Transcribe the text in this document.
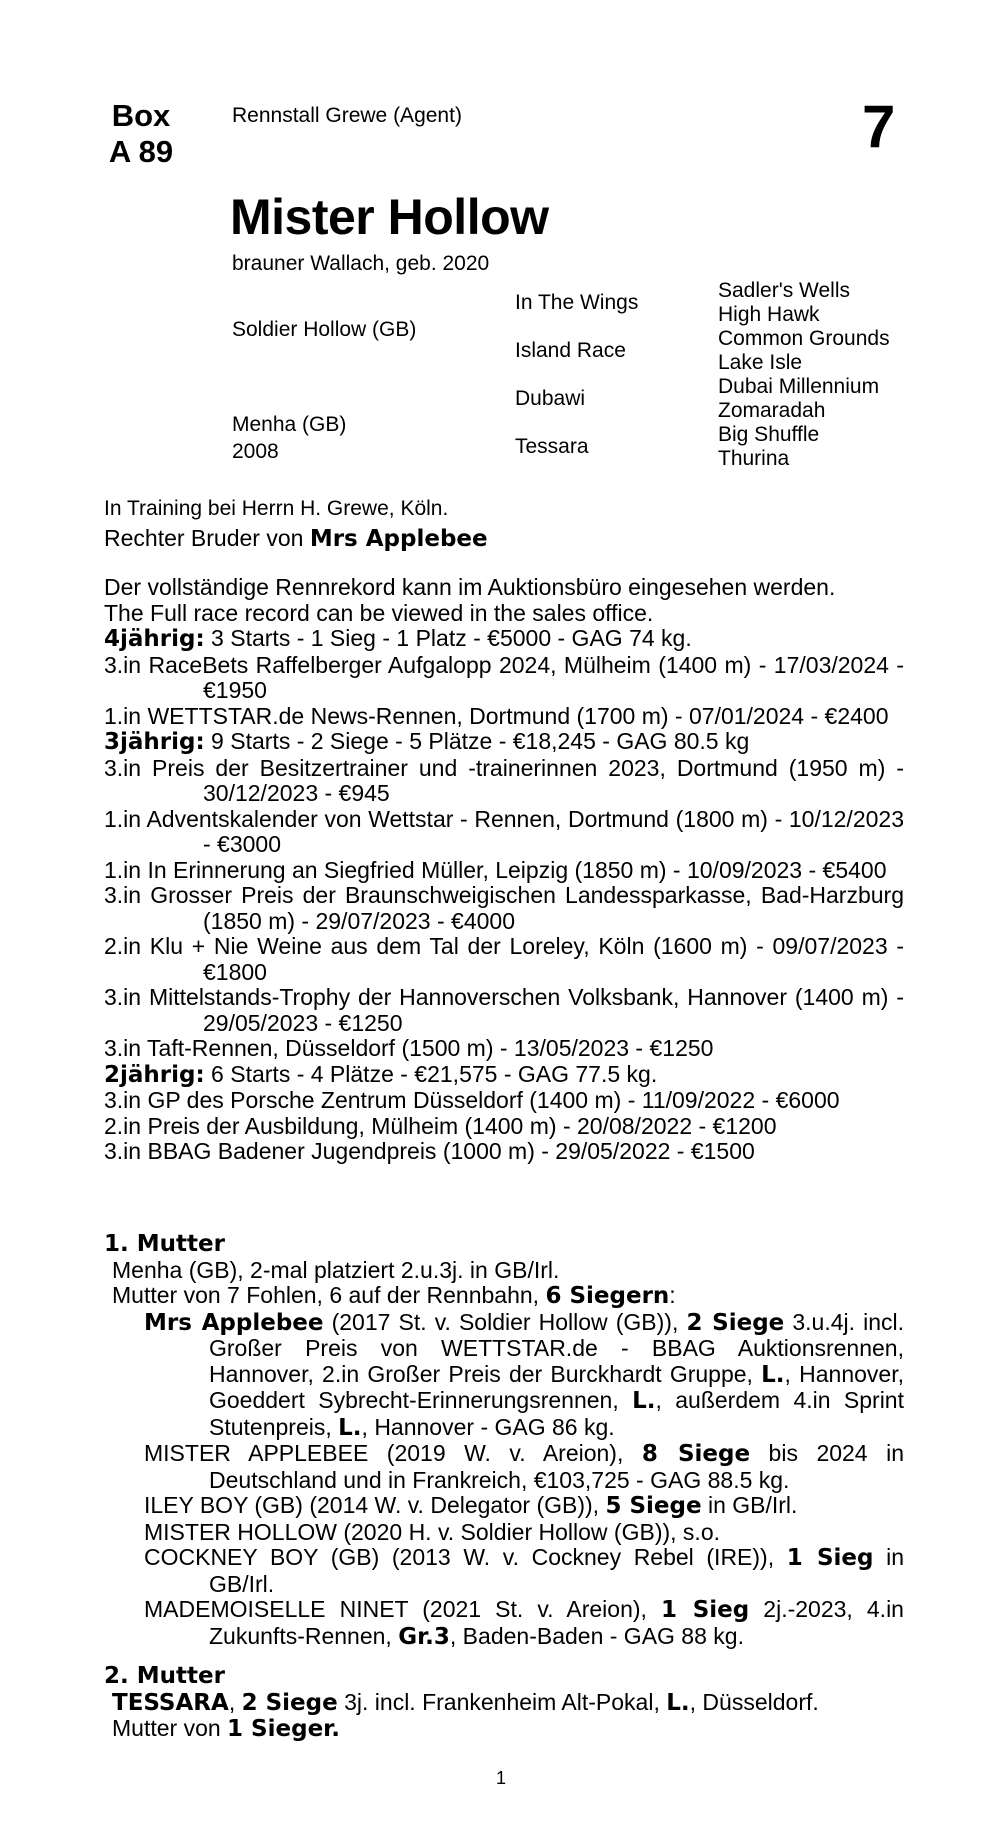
Box
A 89
Rennstall Grewe (Agent)	7
Mister Hollow
brauner Wallach, geb. 2020
Soldier Hollow (GB)
Menha (GB)
2008
In The Wings
Island Race
Dubawi
Tessara
Sadler's Wells
High Hawk
Common Grounds
Lake Isle
Dubai Millennium
Zomaradah
Big Shuffle
Thurina
In Training bei Herrn H. Grewe, Köln.
Rechter Bruder von Mrs Applebee
Der vollständige Rennrekord kann im Auktionsbüro eingesehen werden.
The Full race record can be viewed in the sales office.
4jährig: 3 Starts - 1 Sieg - 1 Platz - €5000 - GAG 74 kg.
3.in RaceBets Raffelberger Aufgalopp 2024, Mülheim (1400 m) - 17/03/2024 - €1950
1.in WETTSTAR.de News-Rennen, Dortmund (1700 m) - 07/01/2024 - €2400
3jährig: 9 Starts - 2 Siege - 5 Plätze - €18,245 - GAG 80.5 kg
3.in Preis der Besitzertrainer und -trainerinnen 2023, Dortmund (1950 m) - 30/12/2023 - €945
1.in Adventskalender von Wettstar - Rennen, Dortmund (1800 m) - 10/12/2023 - €3000
1.in In Erinnerung an Siegfried Müller, Leipzig (1850 m) - 10/09/2023 - €5400
3.in Grosser Preis der Braunschweigischen Landessparkasse, Bad-Harzburg (1850 m) - 29/07/2023 - €4000
2.in Klu + Nie Weine aus dem Tal der Loreley, Köln (1600 m) - 09/07/2023 - €1800
3.in Mittelstands-Trophy der Hannoverschen Volksbank, Hannover (1400 m) - 29/05/2023 - €1250
3.in Taft-Rennen, Düsseldorf (1500 m) - 13/05/2023 - €1250
2jährig: 6 Starts - 4 Plätze - €21,575 - GAG 77.5 kg.
3.in GP des Porsche Zentrum Düsseldorf (1400 m) - 11/09/2022 - €6000
2.in Preis der Ausbildung, Mülheim (1400 m) - 20/08/2022 - €1200
3.in BBAG Badener Jugendpreis (1000 m) - 29/05/2022 - €1500
1. Mutter
Menha (GB), 2-mal platziert 2.u.3j. in GB/Irl.
Mutter von 7 Fohlen, 6 auf der Rennbahn, 6 Siegern:
Mrs Applebee (2017 St. v. Soldier Hollow (GB)), 2 Siege 3.u.4j. incl. Großer Preis von WETTSTAR.de - BBAG Auktionsrennen, Hannover, 2.in Großer Preis der Burckhardt Gruppe, L., Hannover, Goeddert Sybrecht-Erinnerungsrennen, L., außerdem 4.in Sprint Stutenpreis, L., Hannover - GAG 86 kg.
MISTER APPLEBEE (2019 W. v. Areion), 8 Siege bis 2024 in Deutschland und in Frankreich, €103,725 - GAG 88.5 kg.
ILEY BOY (GB) (2014 W. v. Delegator (GB)), 5 Siege in GB/Irl.
MISTER HOLLOW (2020 H. v. Soldier Hollow (GB)), s.o.
COCKNEY BOY (GB) (2013 W. v. Cockney Rebel (IRE)), 1 Sieg in GB/Irl.
MADEMOISELLE NINET (2021 St. v. Areion), 1 Sieg 2j.-2023, 4.in Zukunfts-Rennen, Gr.3, Baden-Baden - GAG 88 kg.
2. Mutter
TESSARA, 2 Siege 3j. incl. Frankenheim Alt-Pokal, L., Düsseldorf.
Mutter von 1 Sieger.
1
